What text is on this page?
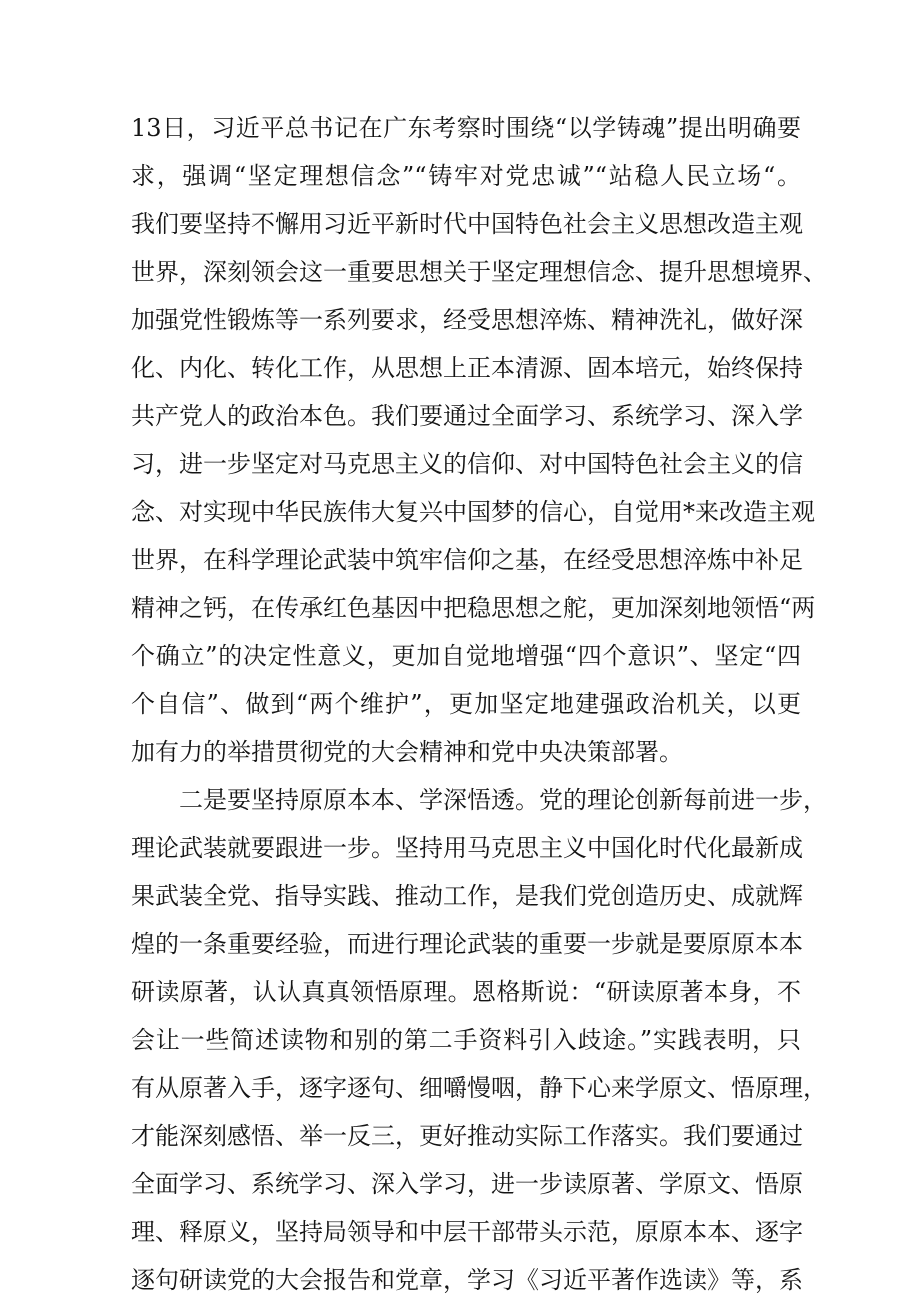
13日，习近平总书记在广东考察时围绕“以学铸魂”提出明确要
求，强调“坚定理想信念”“铸牢对党忠诚”“站稳人民立场“。
我们要坚持不懈用习近平新时代中国特色社会主义思想改造主观
世界，深刻领会这一重要思想关于坚定理想信念、提升思想境界、
加强党性锻炼等一系列要求，经受思想淬炼、精神洗礼，做好深
化、内化、转化工作，从思想上正本清源、固本培元，始终保持
共产党人的政治本色。我们要通过全面学习、系统学习、深入学
习，进一步坚定对马克思主义的信仰、对中国特色社会主义的信
念、对实现中华民族伟大复兴中国梦的信心，自觉用*来改造主观
世界，在科学理论武装中筑牢信仰之基，在经受思想淬炼中补足
精神之钙，在传承红色基因中把稳思想之舵，更加深刻地领悟“两
个确立”的决定性意义，更加自觉地增强“四个意识”、坚定“四
个自信”、做到“两个维护”，更加坚定地建强政治机关，以更
加有力的举措贯彻党的大会精神和党中央决策部署。
二是要坚持原原本本、学深悟透。党的理论创新每前进一步，
理论武装就要跟进一步。坚持用马克思主义中国化时代化最新成
果武装全党、指导实践、推动工作，是我们党创造历史、成就辉
煌的一条重要经验，而进行理论武装的重要一步就是要原原本本
研读原著，认认真真领悟原理。恩格斯说：“研读原著本身，不
会让一些简述读物和别的第二手资料引入歧途。”实践表明，只
有从原著入手，逐字逐句、细嚼慢咽，静下心来学原文、悟原理，
才能深刻感悟、举一反三，更好推动实际工作落实。我们要通过
全面学习、系统学习、深入学习，进一步读原著、学原文、悟原
理、释原义，坚持局领导和中层干部带头示范，原原本本、逐字
逐句研读党的大会报告和党章，学习《习近平著作选读》等，系
